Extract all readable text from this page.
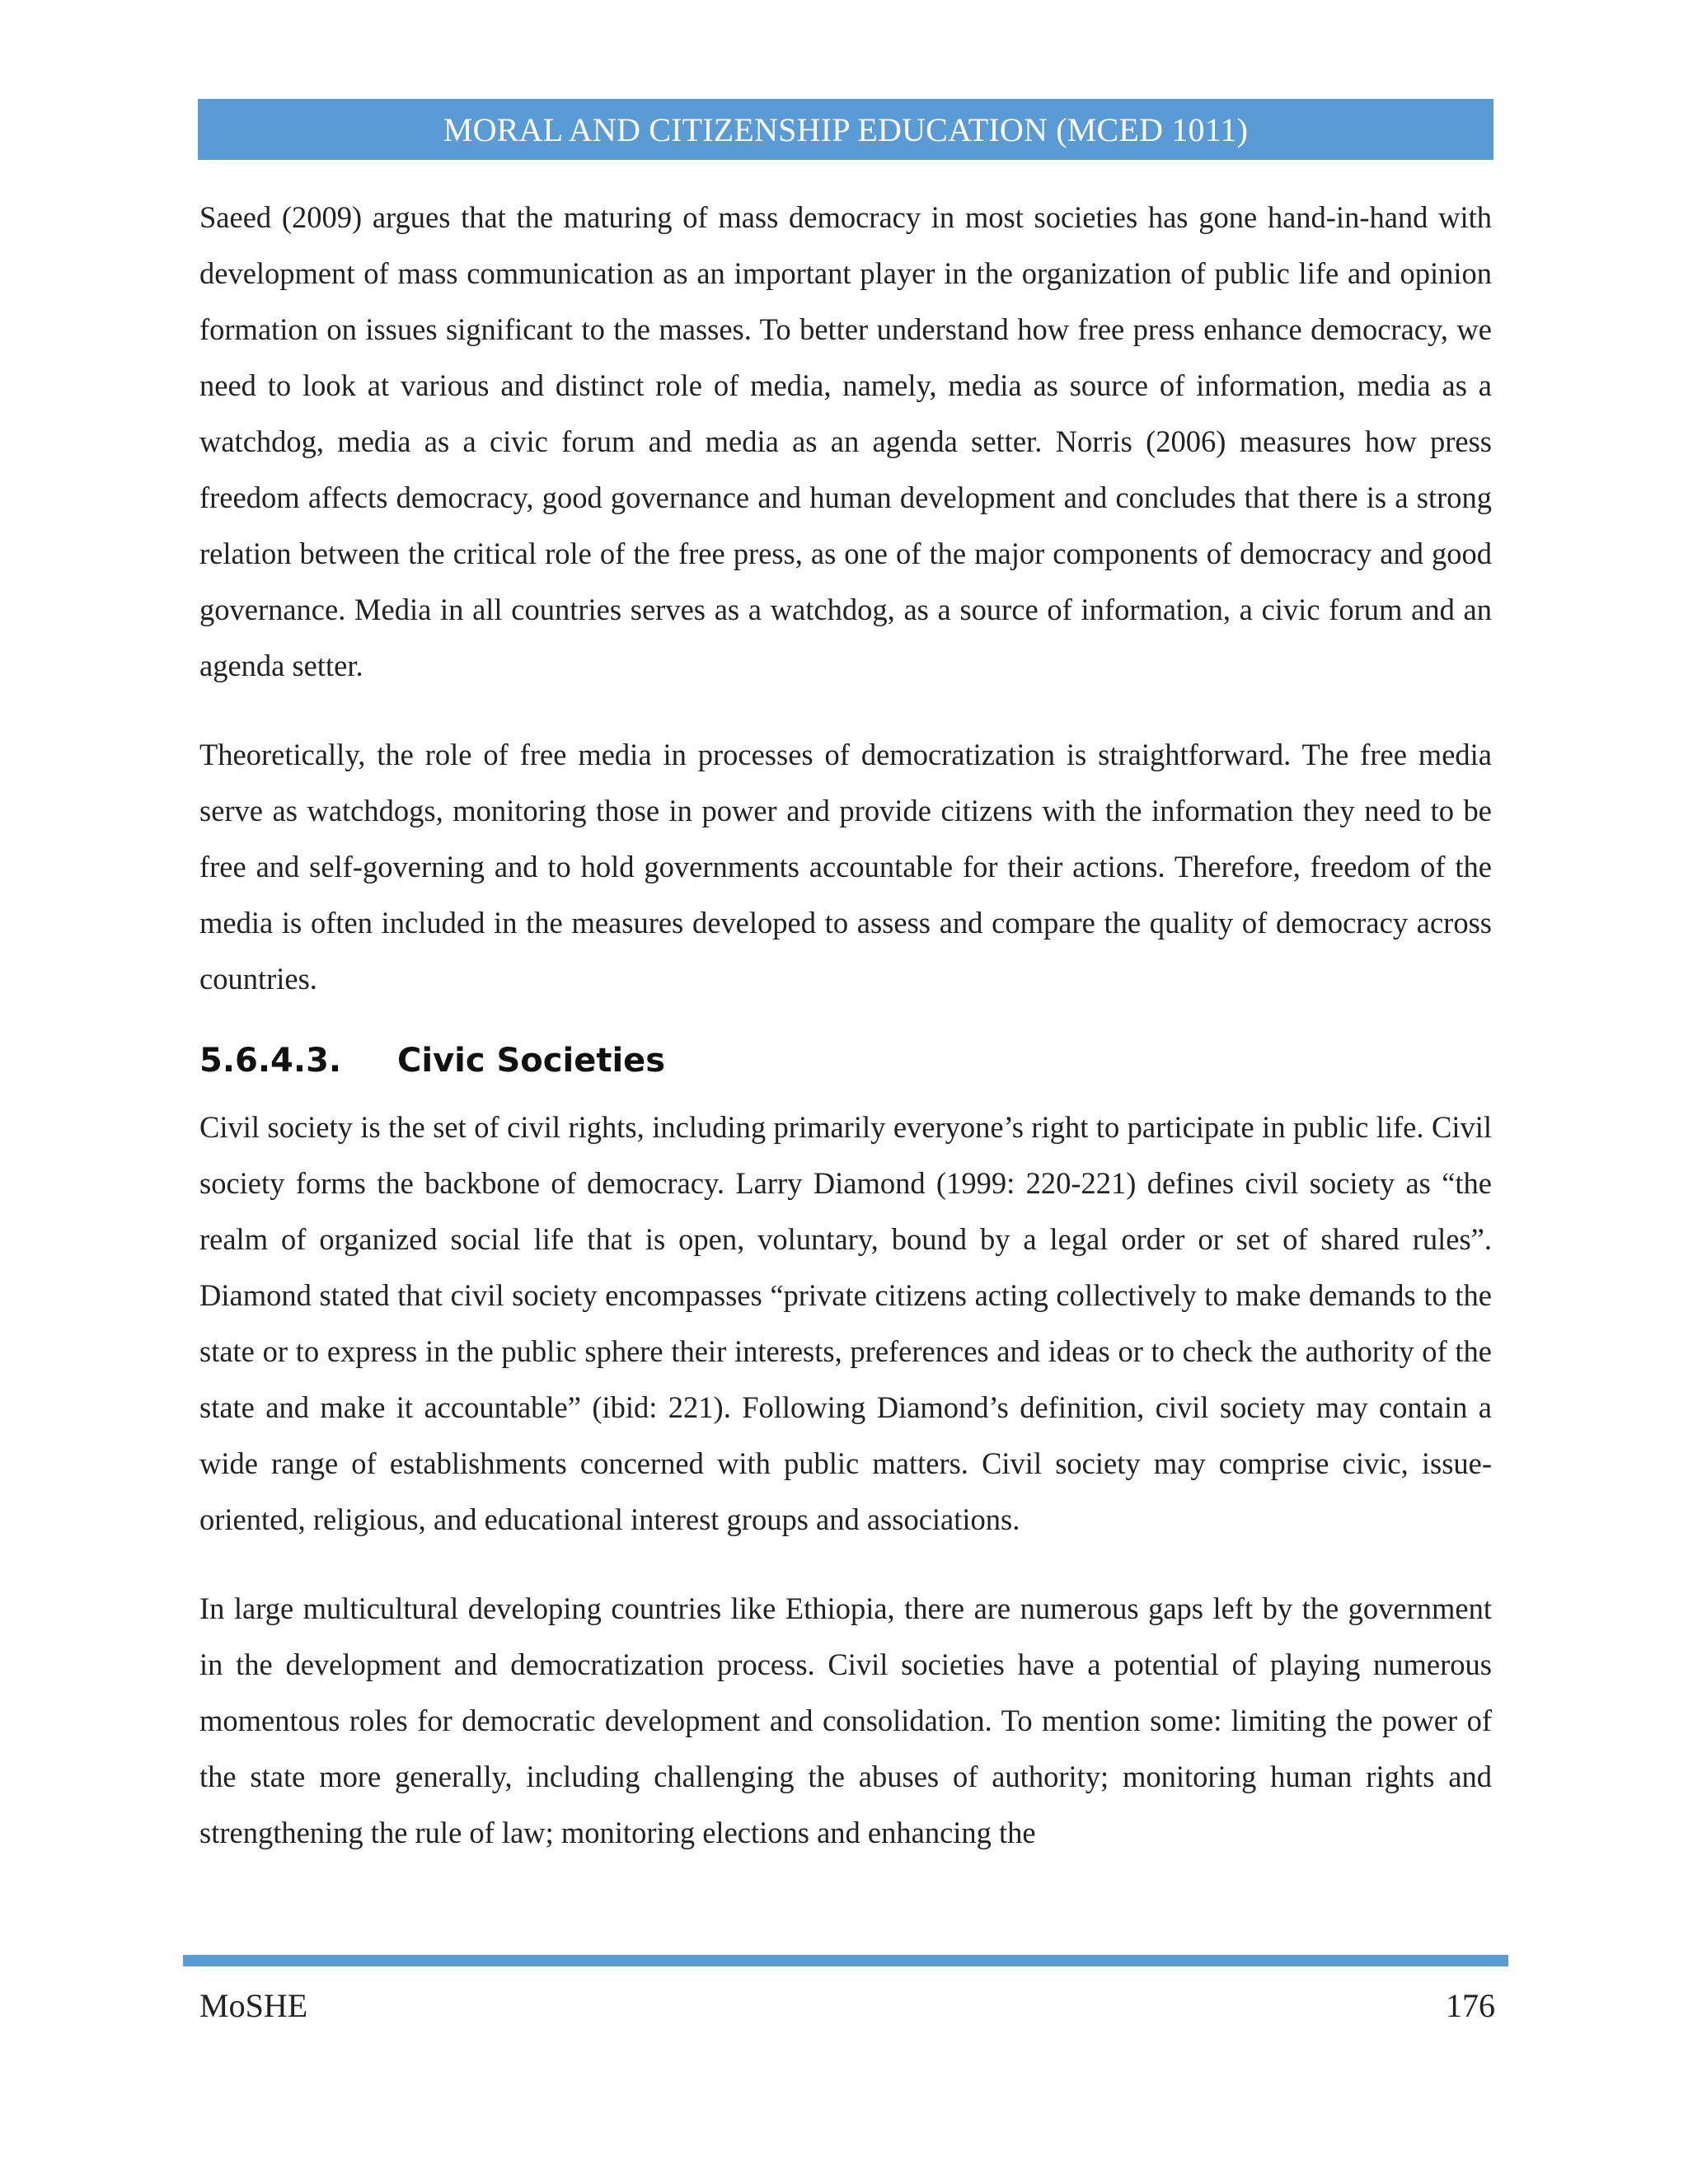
MORAL AND CITIZENSHIP EDUCATION (MCED 1011)

Saeed (2009) argues that the maturing of mass democracy in most societies has gone hand-in-hand with development of mass communication as an important player in the organization of public life and opinion formation on issues significant to the masses. To better understand how free press enhance democracy, we need to look at various and distinct role of media, namely, media as source of information, media as a watchdog, media as a civic forum and media as an agenda setter. Norris (2006) measures how press freedom affects democracy, good governance and human development and concludes that there is a strong relation between the critical role of the free press, as one of the major components of democracy and good governance. Media in all countries serves as a watchdog, as a source of information, a civic forum and an agenda setter.

Theoretically, the role of free media in processes of democratization is straightforward. The free media serve as watchdogs, monitoring those in power and provide citizens with the information they need to be free and self-governing and to hold governments accountable for their actions. Therefore, freedom of the media is often included in the measures developed to assess and compare the quality of democracy across countries.

5.6.4.3.	Civic Societies

Civil society is the set of civil rights, including primarily everyone’s right to participate in public life. Civil society forms the backbone of democracy. Larry Diamond (1999: 220-221) defines civil society as “the realm of organized social life that is open, voluntary, bound by a legal order or set of shared rules”. Diamond stated that civil society encompasses “private citizens acting collectively to make demands to the state or to express in the public sphere their interests, preferences and ideas or to check the authority of the state and make it accountable” (ibid: 221). Following Diamond’s definition, civil society may contain a wide range of establishments concerned with public matters. Civil society may comprise civic, issue-oriented, religious, and educational interest groups and associations.

In large multicultural developing countries like Ethiopia, there are numerous gaps left by the government in the development and democratization process. Civil societies have a potential of playing numerous momentous roles for democratic development and consolidation. To mention some: limiting the power of the state more generally, including challenging the abuses of authority; monitoring human rights and strengthening the rule of law; monitoring elections and enhancing the

MoSHE	176
